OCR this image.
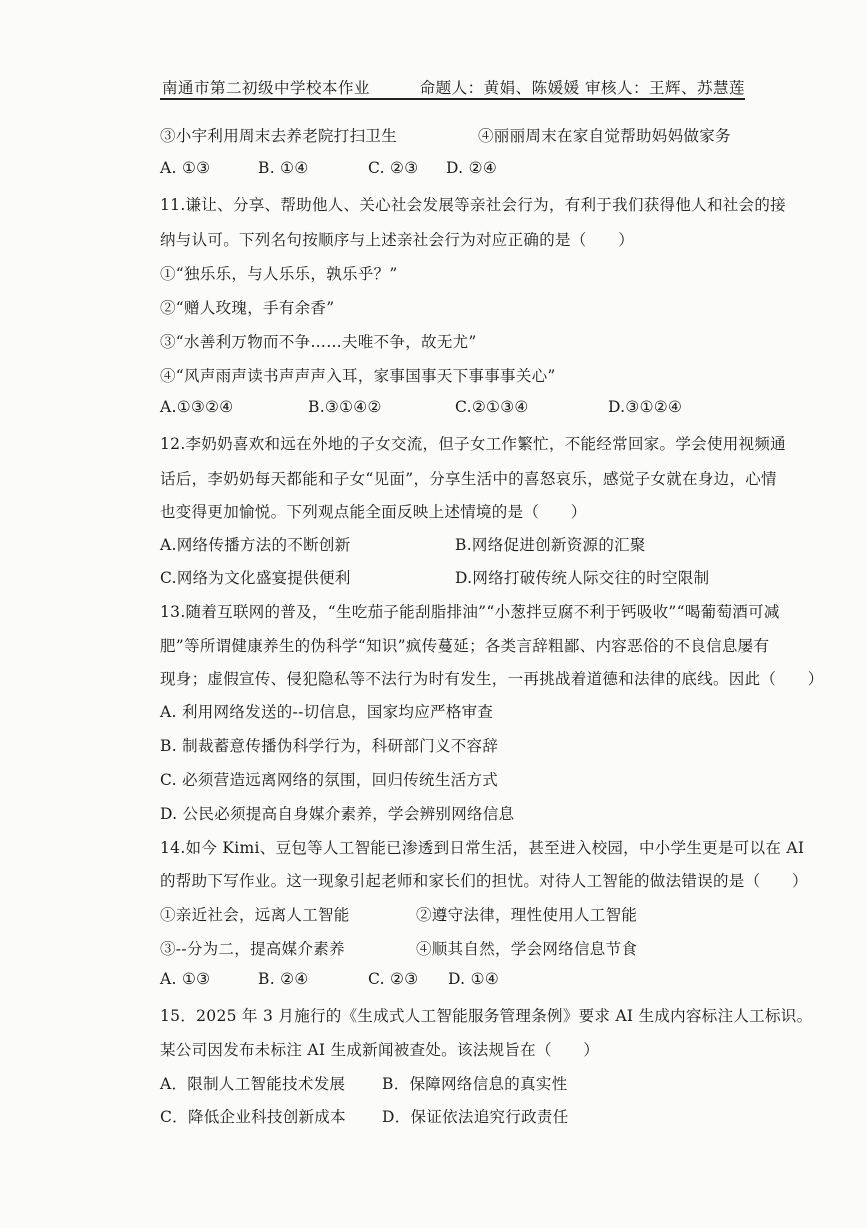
南通市第二初级中学校本作业	命题人：黄娟、陈媛媛 审核人：王辉、苏慧莲
③小宇利用周末去养老院打扫卫生	④丽丽周末在家自觉帮助妈妈做家务
A. ①③	B. ①④	C. ②③ D. ②④
11.谦让、分享、帮助他人、关心社会发展等亲社会行为，有利于我们获得他人和社会的接
纳与认可。下列名句按顺序与上述亲社会行为对应正确的是（　　）
①“独乐乐，与人乐乐，孰乐乎？”
②“赠人玫瑰，手有余香”
③“水善利万物而不争……夫唯不争，故无尤”
④“风声雨声读书声声声入耳，家事国事天下事事事关心”
A.①③②④	B.③①④②	C.②①③④	D.③①②④
12.李奶奶喜欢和远在外地的子女交流，但子女工作繁忙，不能经常回家。学会使用视频通
话后，李奶奶每天都能和子女“见面”，分享生活中的喜怒哀乐，感觉子女就在身边，心情
也变得更加愉悦。下列观点能全面反映上述情境的是（　　）
A.网络传播方法的不断创新	B.网络促进创新资源的汇聚
C.网络为文化盛宴提供便利	D.网络打破传统人际交往的时空限制
13.随着互联网的普及，“生吃茄子能刮脂排油”“小葱拌豆腐不利于钙吸收”“喝葡萄酒可减
肥”等所谓健康养生的伪科学“知识”疯传蔓延；各类言辞粗鄙、内容恶俗的不良信息屡有
现身；虚假宣传、侵犯隐私等不法行为时有发生，一再挑战着道德和法律的底线。因此（　　）
A. 利用网络发送的--切信息，国家均应严格审查
B. 制裁蓄意传播伪科学行为，科研部门义不容辞
C. 必须营造远离网络的氛围，回归传统生活方式
D. 公民必须提高自身媒介素养，学会辨别网络信息
14.如今 Kimi、豆包等人工智能已渗透到日常生活，甚至进入校园，中小学生更是可以在 AI
的帮助下写作业。这一现象引起老师和家长们的担忧。对待人工智能的做法错误的是（　　）
①亲近社会，远离人工智能	②遵守法律，理性使用人工智能
③--分为二，提高媒介素养	④顺其自然，学会网络信息节食
A. ①③	B. ②④	C. ②③ D. ①④
15．2025 年 3 月施行的《生成式人工智能服务管理条例》要求 AI 生成内容标注人工标识。
某公司因发布未标注 AI 生成新闻被查处。该法规旨在（　　）
A．限制人工智能技术发展 B．保障网络信息的真实性
C．降低企业科技创新成本 D．保证依法追究行政责任
